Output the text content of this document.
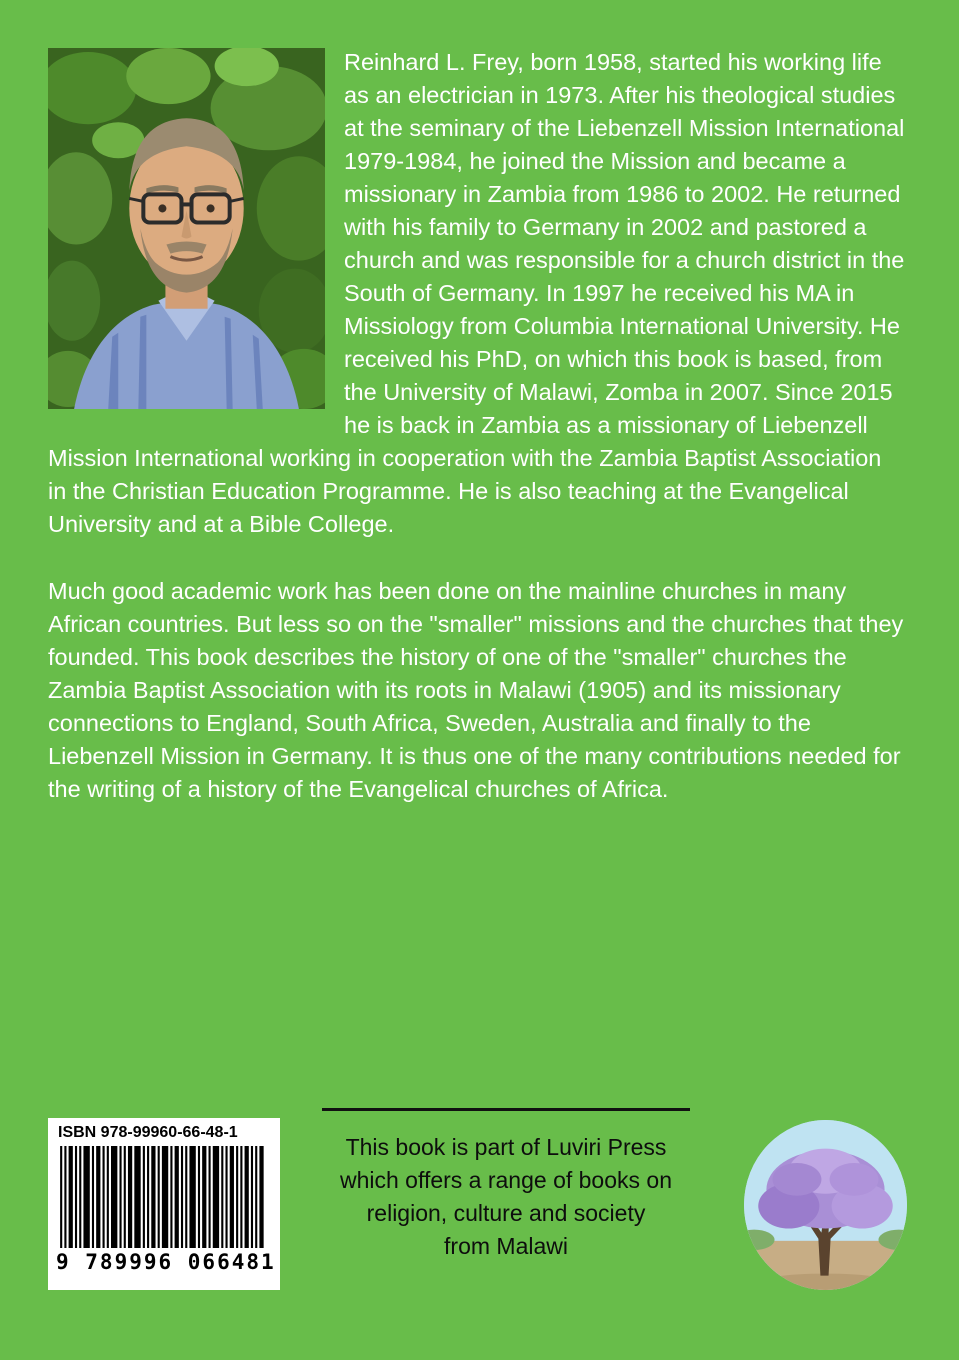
Reinhard L. Frey, born 1958, started his working life as an electrician in 1973. After his theological studies at the seminary of the Liebenzell Mission International 1979-1984, he joined the Mission and became a missionary in Zambia from 1986 to 2002. He returned with his family to Germany in 2002 and pastored a church and was responsible for a church district in the South of Germany. In 1997 he received his MA in Missiology from Columbia International University. He received his PhD, on which this book is based, from the University of Malawi, Zomba in 2007. Since 2015 he is back in Zambia as a missionary of Liebenzell Mission International working in cooperation with the Zambia Baptist Association in the Christian Education Programme. He is also teaching at the Evangelical University and at a Bible College.

Much good academic work has been done on the mainline churches in many African countries. But less so on the "smaller" missions and the churches that they founded. This book describes the history of one of the "smaller" churches the Zambia Baptist Association with its roots in Malawi (1905) and its missionary connections to England, South Africa, Sweden, Australia and finally to the Liebenzell Mission in Germany. It is thus one of the many contributions needed for the writing of a history of the Evangelical churches of Africa.

ISBN 978-99960-66-48-1
9 789996 066481
This book is part of Luviri Press
which offers a range of books on
religion, culture and society
from Malawi
